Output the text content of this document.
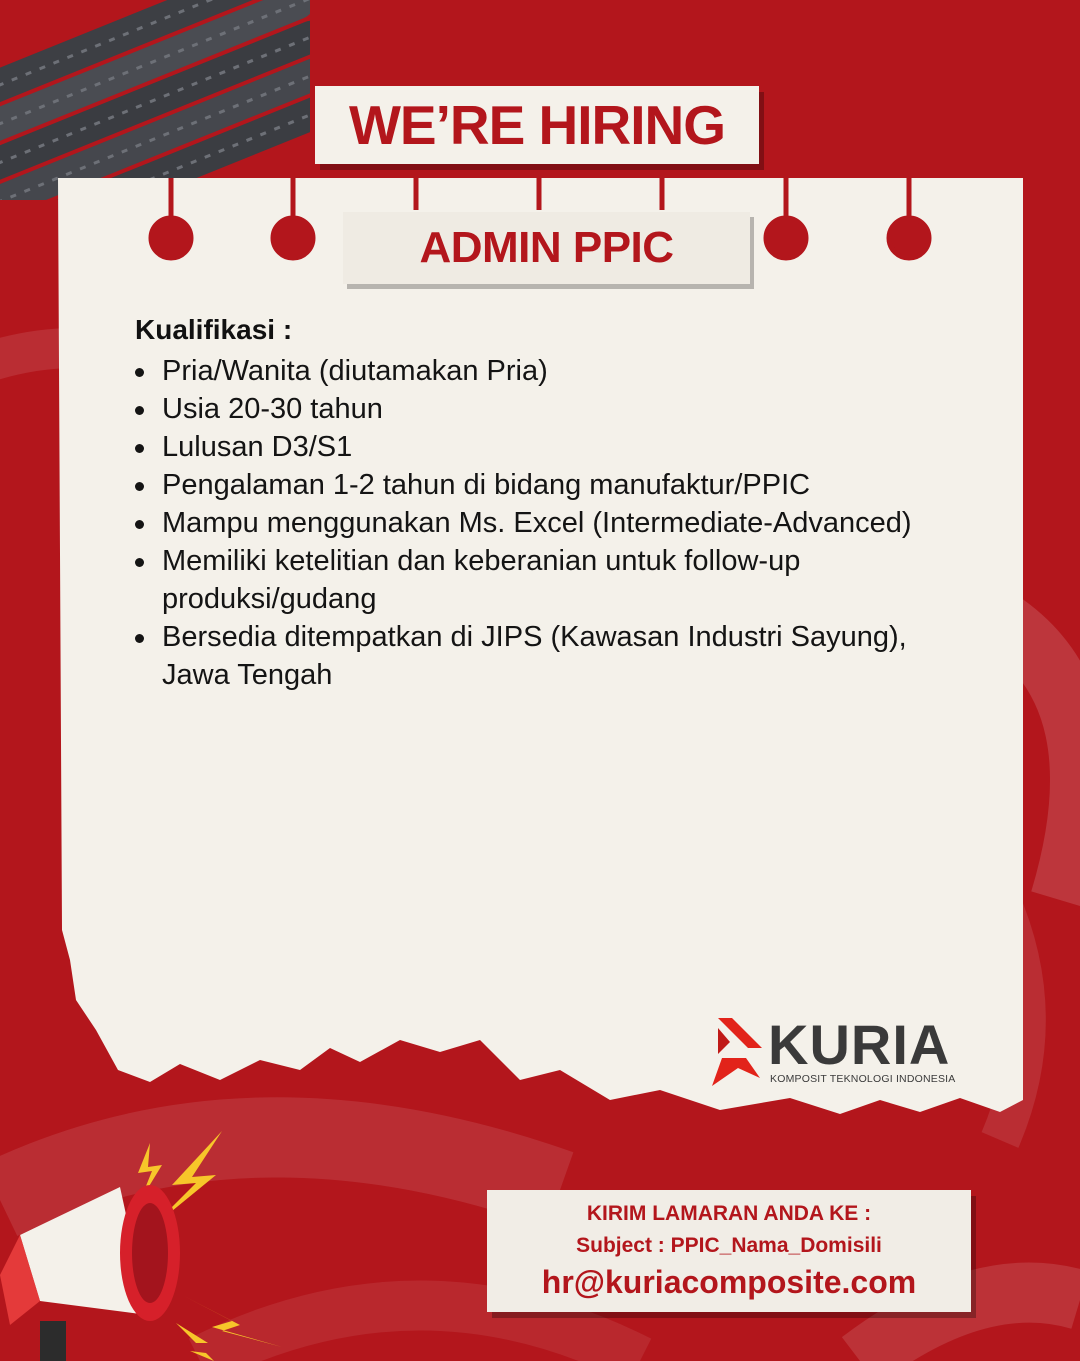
WE’RE HIRING
ADMIN PPIC
Kualifikasi :
Pria/Wanita (diutamakan Pria)
Usia 20-30 tahun
Lulusan D3/S1
Pengalaman 1-2 tahun di bidang manufaktur/PPIC
Mampu menggunakan Ms. Excel (Intermediate-Advanced)
Memiliki ketelitian dan keberanian untuk follow-up produksi/gudang
Bersedia ditempatkan di JIPS (Kawasan Industri Sayung), Jawa Tengah
KURIA
KOMPOSIT TEKNOLOGI INDONESIA
KIRIM LAMARAN ANDA KE :
Subject : PPIC_Nama_Domisili
hr@kuriacomposite.com
